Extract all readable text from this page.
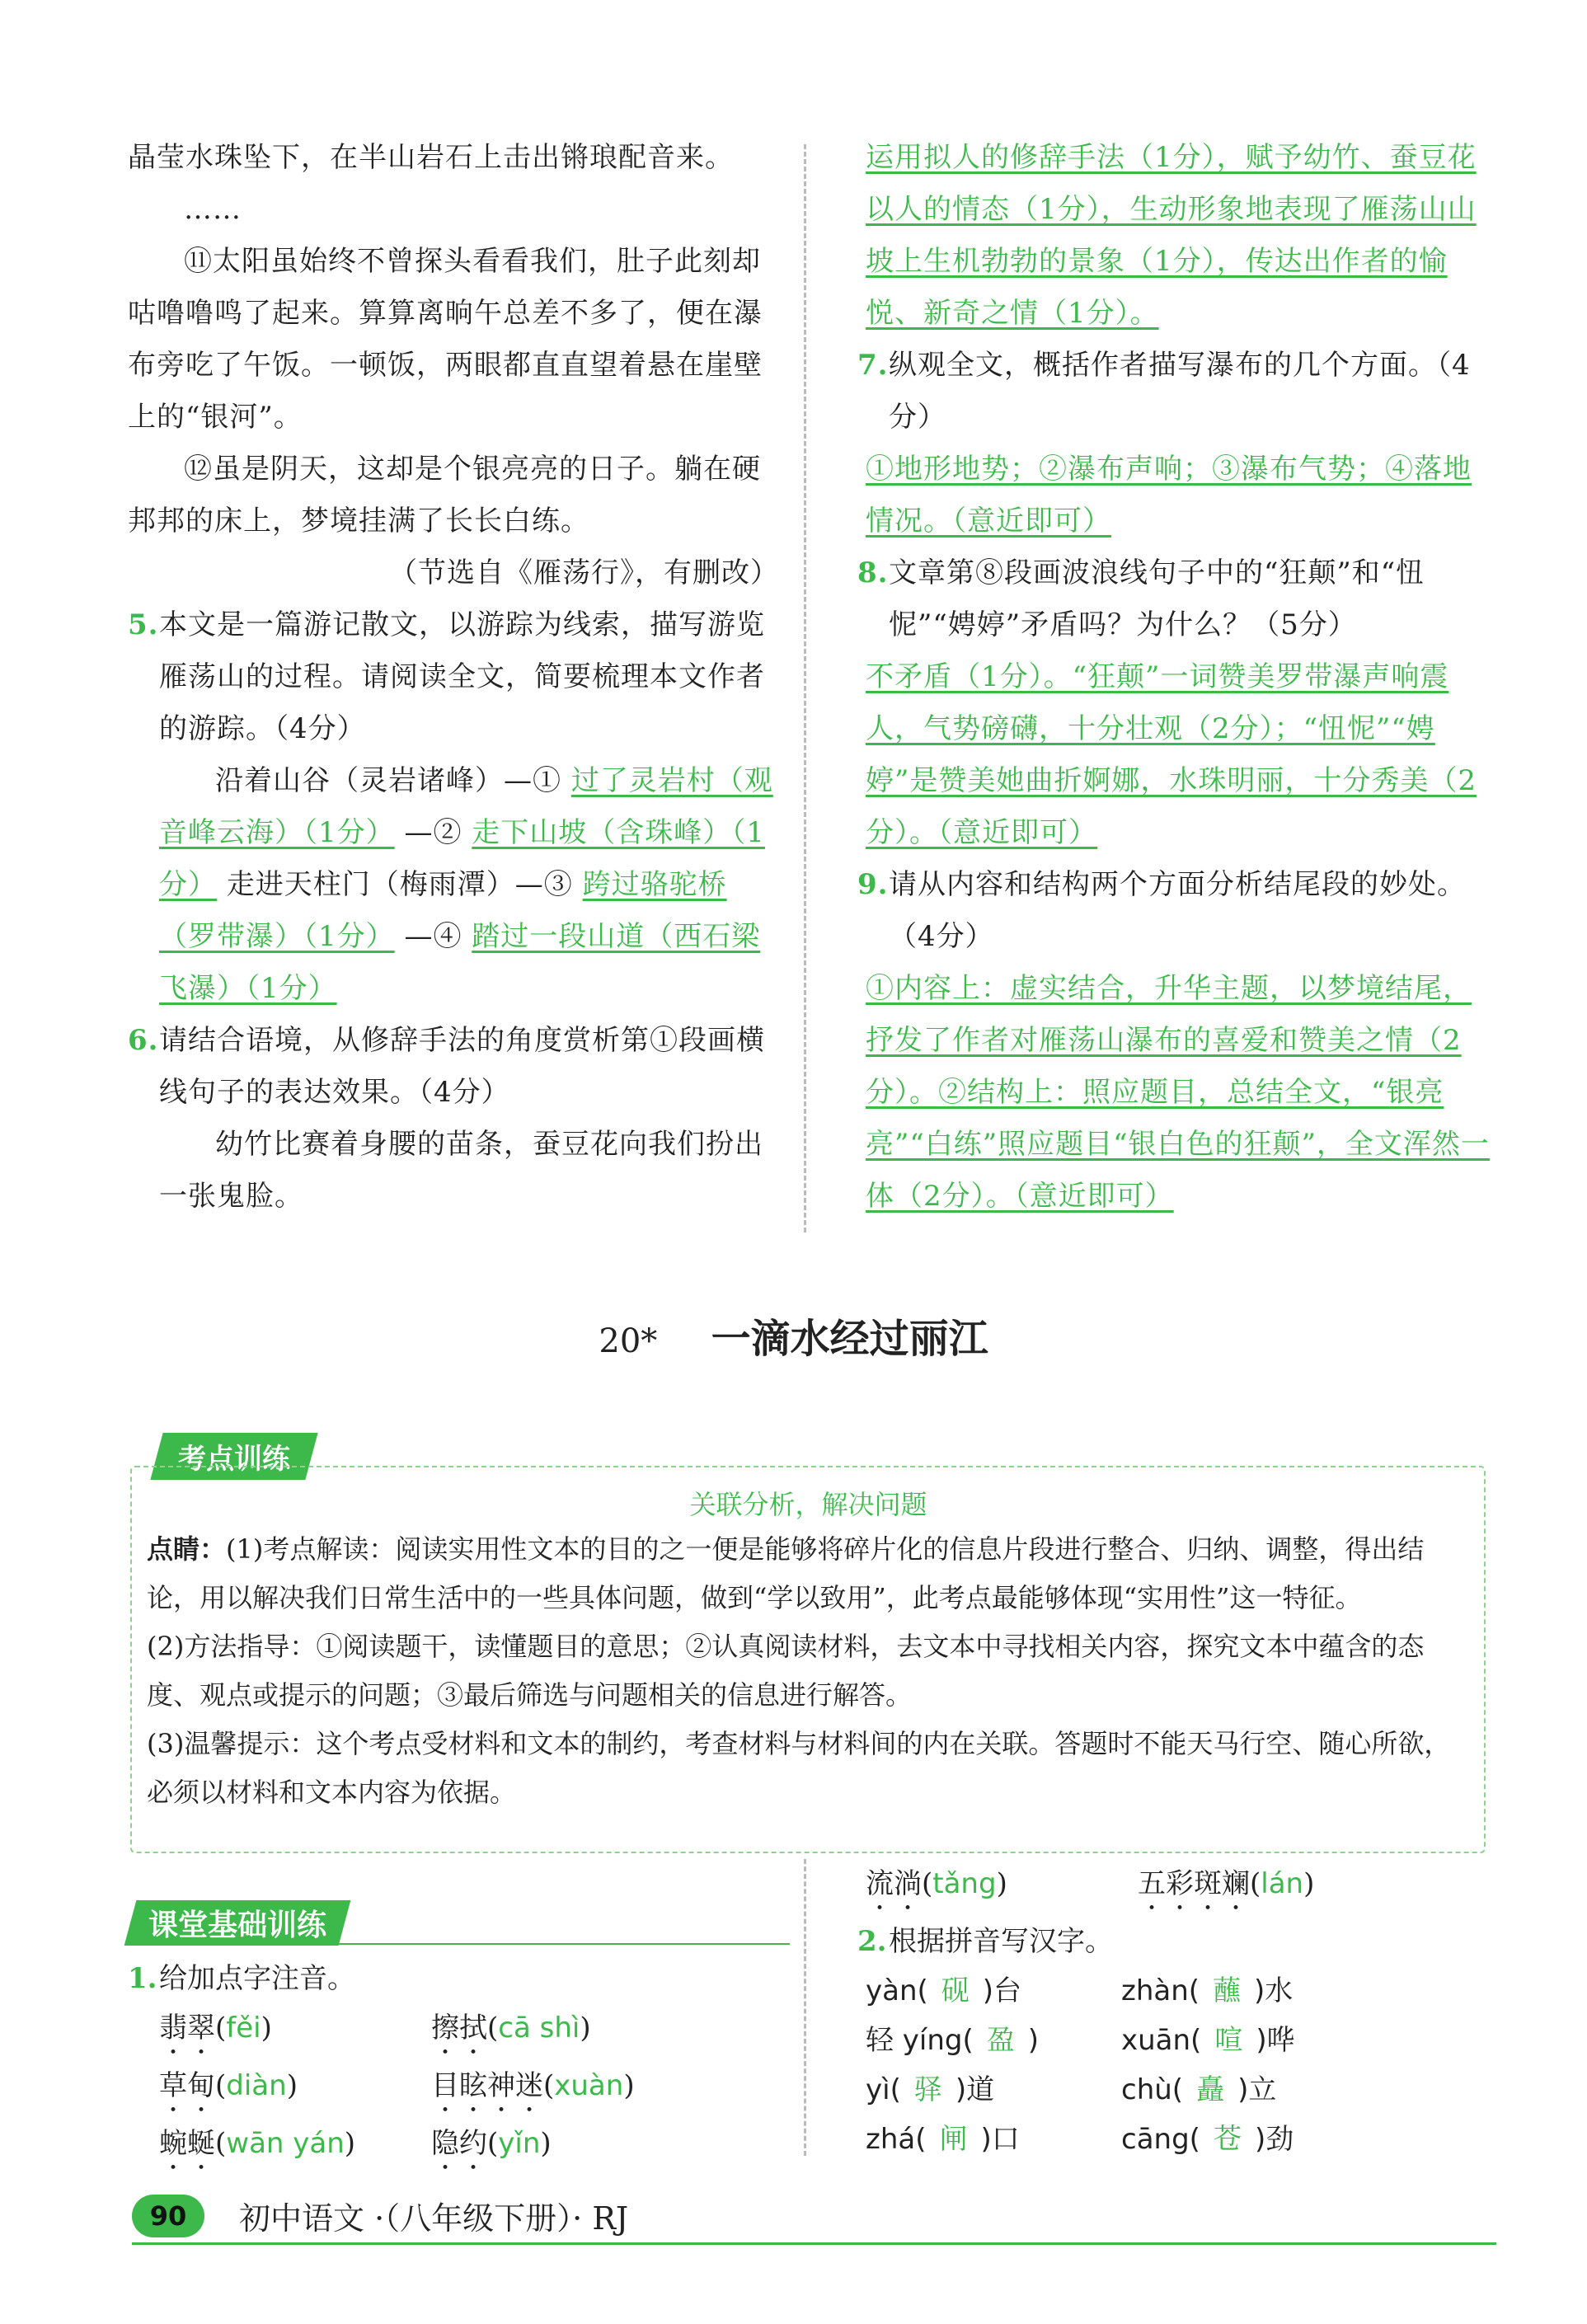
晶莹水珠坠下，在半山岩石上击出锵琅配音来。

……

⑪太阳虽始终不曾探头看看我们，肚子此刻却咕噜噜鸣了起来。算算离晌午总差不多了，便在瀑布旁吃了午饭。一顿饭，两眼都直直望着悬在崖壁上的“银河”。

⑫虽是阴天，这却是个银亮亮的日子。躺在硬邦邦的床上，梦境挂满了长长白练。

（节选自《雁荡行》，有删改）

5. 本文是一篇游记散文，以游踪为线索，描写游览雁荡山的过程。请阅读全文，简要梳理本文作者的游踪。（4分）
沿着山谷（灵岩诸峰）—① 过了灵岩村（观音峰云海）（1分） —② 走下山坡（含珠峰）（1分） 走进天柱门（梅雨潭）—③ 跨过骆驼桥（罗带瀑）（1分） —④ 踏过一段山道（西石梁飞瀑）（1分）
6. 请结合语境，从修辞手法的角度赏析第①段画横线句子的表达效果。（4分）

幼竹比赛着身腰的苗条，蚕豆花向我们扮出一张鬼脸。

运用拟人的修辞手法（1分），赋予幼竹、蚕豆花以人的情态（1分），生动形象地表现了雁荡山山坡上生机勃勃的景象（1分），传达出作者的愉悦、新奇之情（1分）。

7. 纵观全文，概括作者描写瀑布的几个方面。（4分）

①地形地势；②瀑布声响；③瀑布气势；④落地情况。（意近即可）

8. 文章第⑧段画波浪线句子中的“狂颠”和“忸怩”“娉婷”矛盾吗？为什么？（5分）

不矛盾（1分）。“狂颠”一词赞美罗带瀑声响震人，气势磅礴，十分壮观（2分）；“忸怩”“娉婷”是赞美她曲折婀娜，水珠明丽，十分秀美（2分）。（意近即可）

9. 请从内容和结构两个方面分析结尾段的妙处。（4分）

①内容上：虚实结合，升华主题，以梦境结尾，抒发了作者对雁荡山瀑布的喜爱和赞美之情（2分）。②结构上：照应题目，总结全文，“银亮亮”“白练”照应题目“银白色的狂颠”，全文浑然一体（2分）。（意近即可）

20* 一滴水经过丽江
考点训练
关联分析，解决问题
点睛：(1)考点解读：阅读实用性文本的目的之一便是能够将碎片化的信息片段进行整合、归纳、调整，得出结论，用以解决我们日常生活中的一些具体问题，做到“学以致用”，此考点最能够体现“实用性”这一特征。
(2)方法指导：①阅读题干，读懂题目的意思；②认真阅读材料，去文本中寻找相关内容，探究文本中蕴含的态度、观点或提示的问题；③最后筛选与问题相关的信息进行解答。
(3)温馨提示：这个考点受材料和文本的制约，考查材料与材料间的内在关联。答题时不能天马行空、随心所欲，必须以材料和文本内容为依据。
课堂基础训练
1. 给加点字注音。
翡翠(fěi)	擦拭(cā shì)
草甸(diàn)	目眩神迷(xuàn)
蜿蜒(wān yán)	隐约(yǐn)
流淌(tǎng)	五彩斑斓(lán)
2. 根据拼音写汉字。
yàn( 砚 )台	zhàn( 蘸 )水
轻 yíng( 盈 )	xuān( 喧 )哗
yì( 驿 )道	chù( 矗 )立
zhá( 闸 )口	cāng( 苍 )劲
90	初中语文 ·（八年级下册）· RJ
